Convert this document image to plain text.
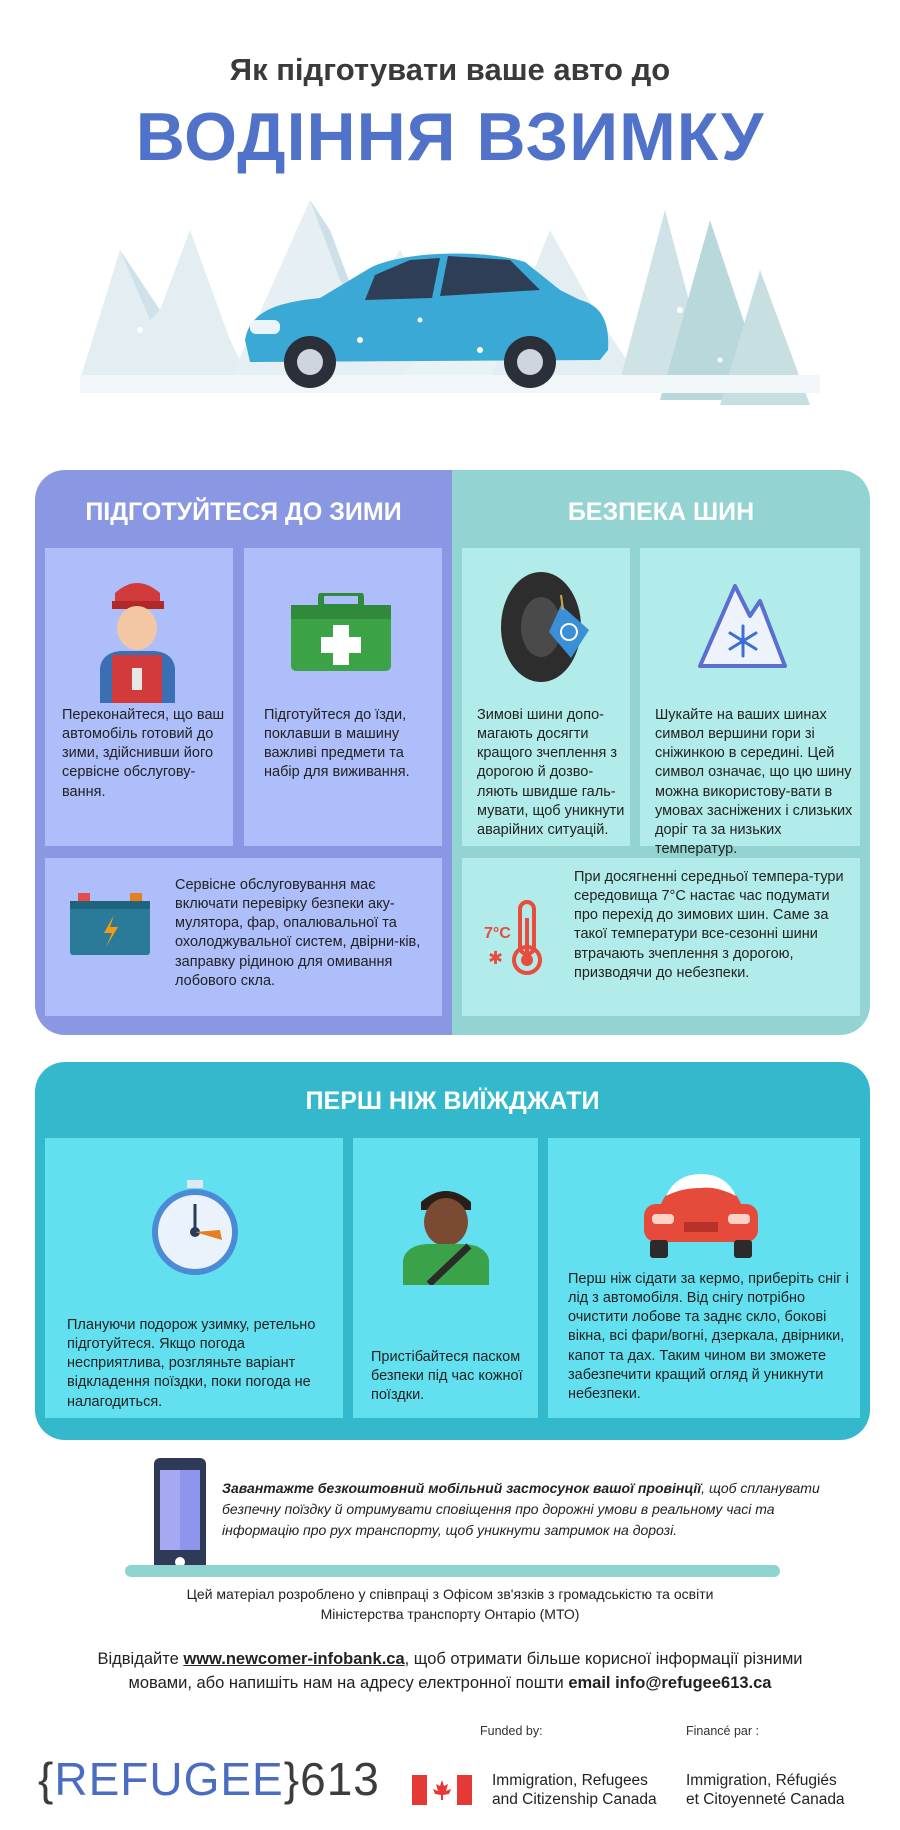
Як підготувати ваше авто до
ВОДІННЯ ВЗИМКУ
ПІДГОТУЙТЕСЯ ДО ЗИМИ

Переконайтеся, що ваш автомобіль готовий до зими, здійснивши його сервісне обслугову-вання.

Підготуйтеся до їзди, поклавши в машину важливі предмети та набір для виживання.

Сервісне обслуговування має включати перевірку безпеки аку-мулятора, фар, опалювальної та охолоджувальної систем, двірни-ків, заправку рідиною для омивання лобового скла.

БЕЗПЕКА ШИН

Зимові шини допо-магають досягти кращого зчеплення з дорогою й дозво-ляють швидше галь-мувати, щоб уникнути аварійних ситуацій.

Шукайте на ваших шинах символ вершини гори зі сніжинкою в середині. Цей символ означає, що цю шину можна використову-вати в умовах засніжених і слизьких доріг та за низьких температур.

7°C
✱

При досягненні середньої темпера-тури середовища 7°C настає час подумати про перехід до зимових шин. Саме за такої температури все-сезонні шини втрачають зчеплення з дорогою, призводячи до небезпеки.

ПЕРШ НІЖ ВИЇЖДЖАТИ

Плануючи подорож узимку, ретельно підготуйтеся. Якщо погода несприятлива, розгляньте варіант відкладення поїздки, поки погода не налагодиться.

Пристібайтеся паском безпеки під час кожної поїздки.

Перш ніж сідати за кермо, приберіть сніг і лід з автомобіля. Від снігу потрібно очистити лобове та заднє скло, бокові вікна, всі фари/вогні, дзеркала, двірники, капот та дах. Таким чином ви зможете забезпечити кращий огляд й уникнути небезпеки.

Завантажте безкоштовний мобільний застосунок вашої провінції, щоб спланувати безпечну поїздку й отримувати сповіщення про дорожні умови в реальному часі та інформацію про рух транспорту, щоб уникнути затримок на дорозі.
Цей матеріал розроблено у співпраці з Офісом зв'язків з громадськістю та освіти
Міністерства транспорту Онтаріо (МТО)
Відвідайте www.newcomer-infobank.ca, щоб отримати більше корисної інформації різними мовами, або напишіть нам на адресу електронної пошти email info@refugee613.ca
Funded by:	Financé par :
{REFUGEE}613	Immigration, Refugees
and Citizenship Canada
Immigration, Réfugiés
et Citoyenneté Canada
